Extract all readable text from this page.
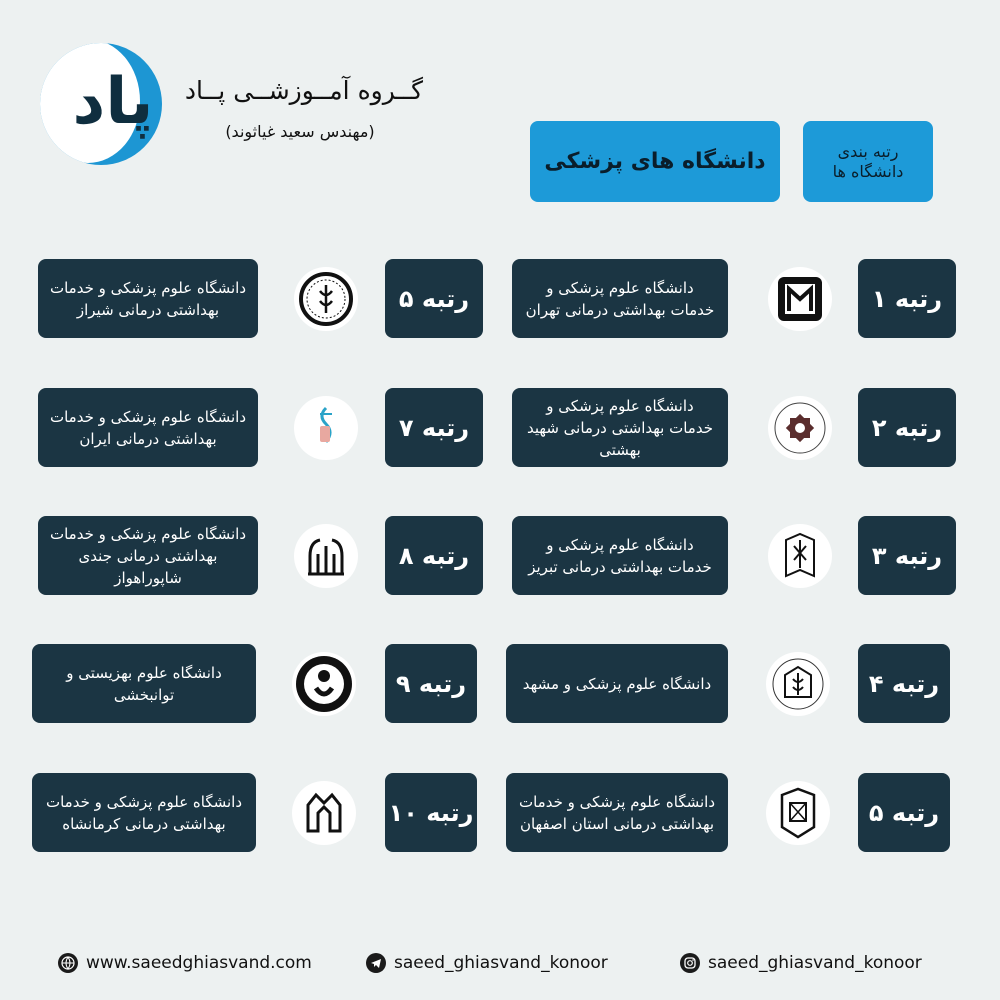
پاد	گــروه آمــوزشــی پــاد
(مهندس سعید غیاثوند)
دانشگاه های پزشکی	رتبه بندی دانشگاه ها
رتبه ۱
دانشگاه علوم پزشکی و خدمات بهداشتی درمانی تهران
رتبه ۲
دانشگاه علوم پزشکی و خدمات بهداشتی درمانی شهید بهشتی
رتبه ۳
دانشگاه علوم پزشکی و خدمات بهداشتی درمانی تبریز
رتبه ۴
دانشگاه علوم پزشکی و مشهد
رتبه ۵
دانشگاه علوم پزشکی و خدمات بهداشتی درمانی استان اصفهان
رتبه ۵
دانشگاه علوم پزشکی و خدمات بهداشتی درمانی شیراز
رتبه ۷
دانشگاه علوم پزشکی و خدمات بهداشتی درمانی ایران
رتبه ۸
دانشگاه علوم پزشکی و خدمات بهداشتی درمانی جندی شاپوراهواز
رتبه ۹
دانشگاه علوم بهزیستی و توانبخشی
رتبه ۱۰
دانشگاه علوم پزشکی و خدمات بهداشتی درمانی کرمانشاه
www.saeedghiasvand.com	saeed_ghiasvand_konoor	saeed_ghiasvand_konoor
